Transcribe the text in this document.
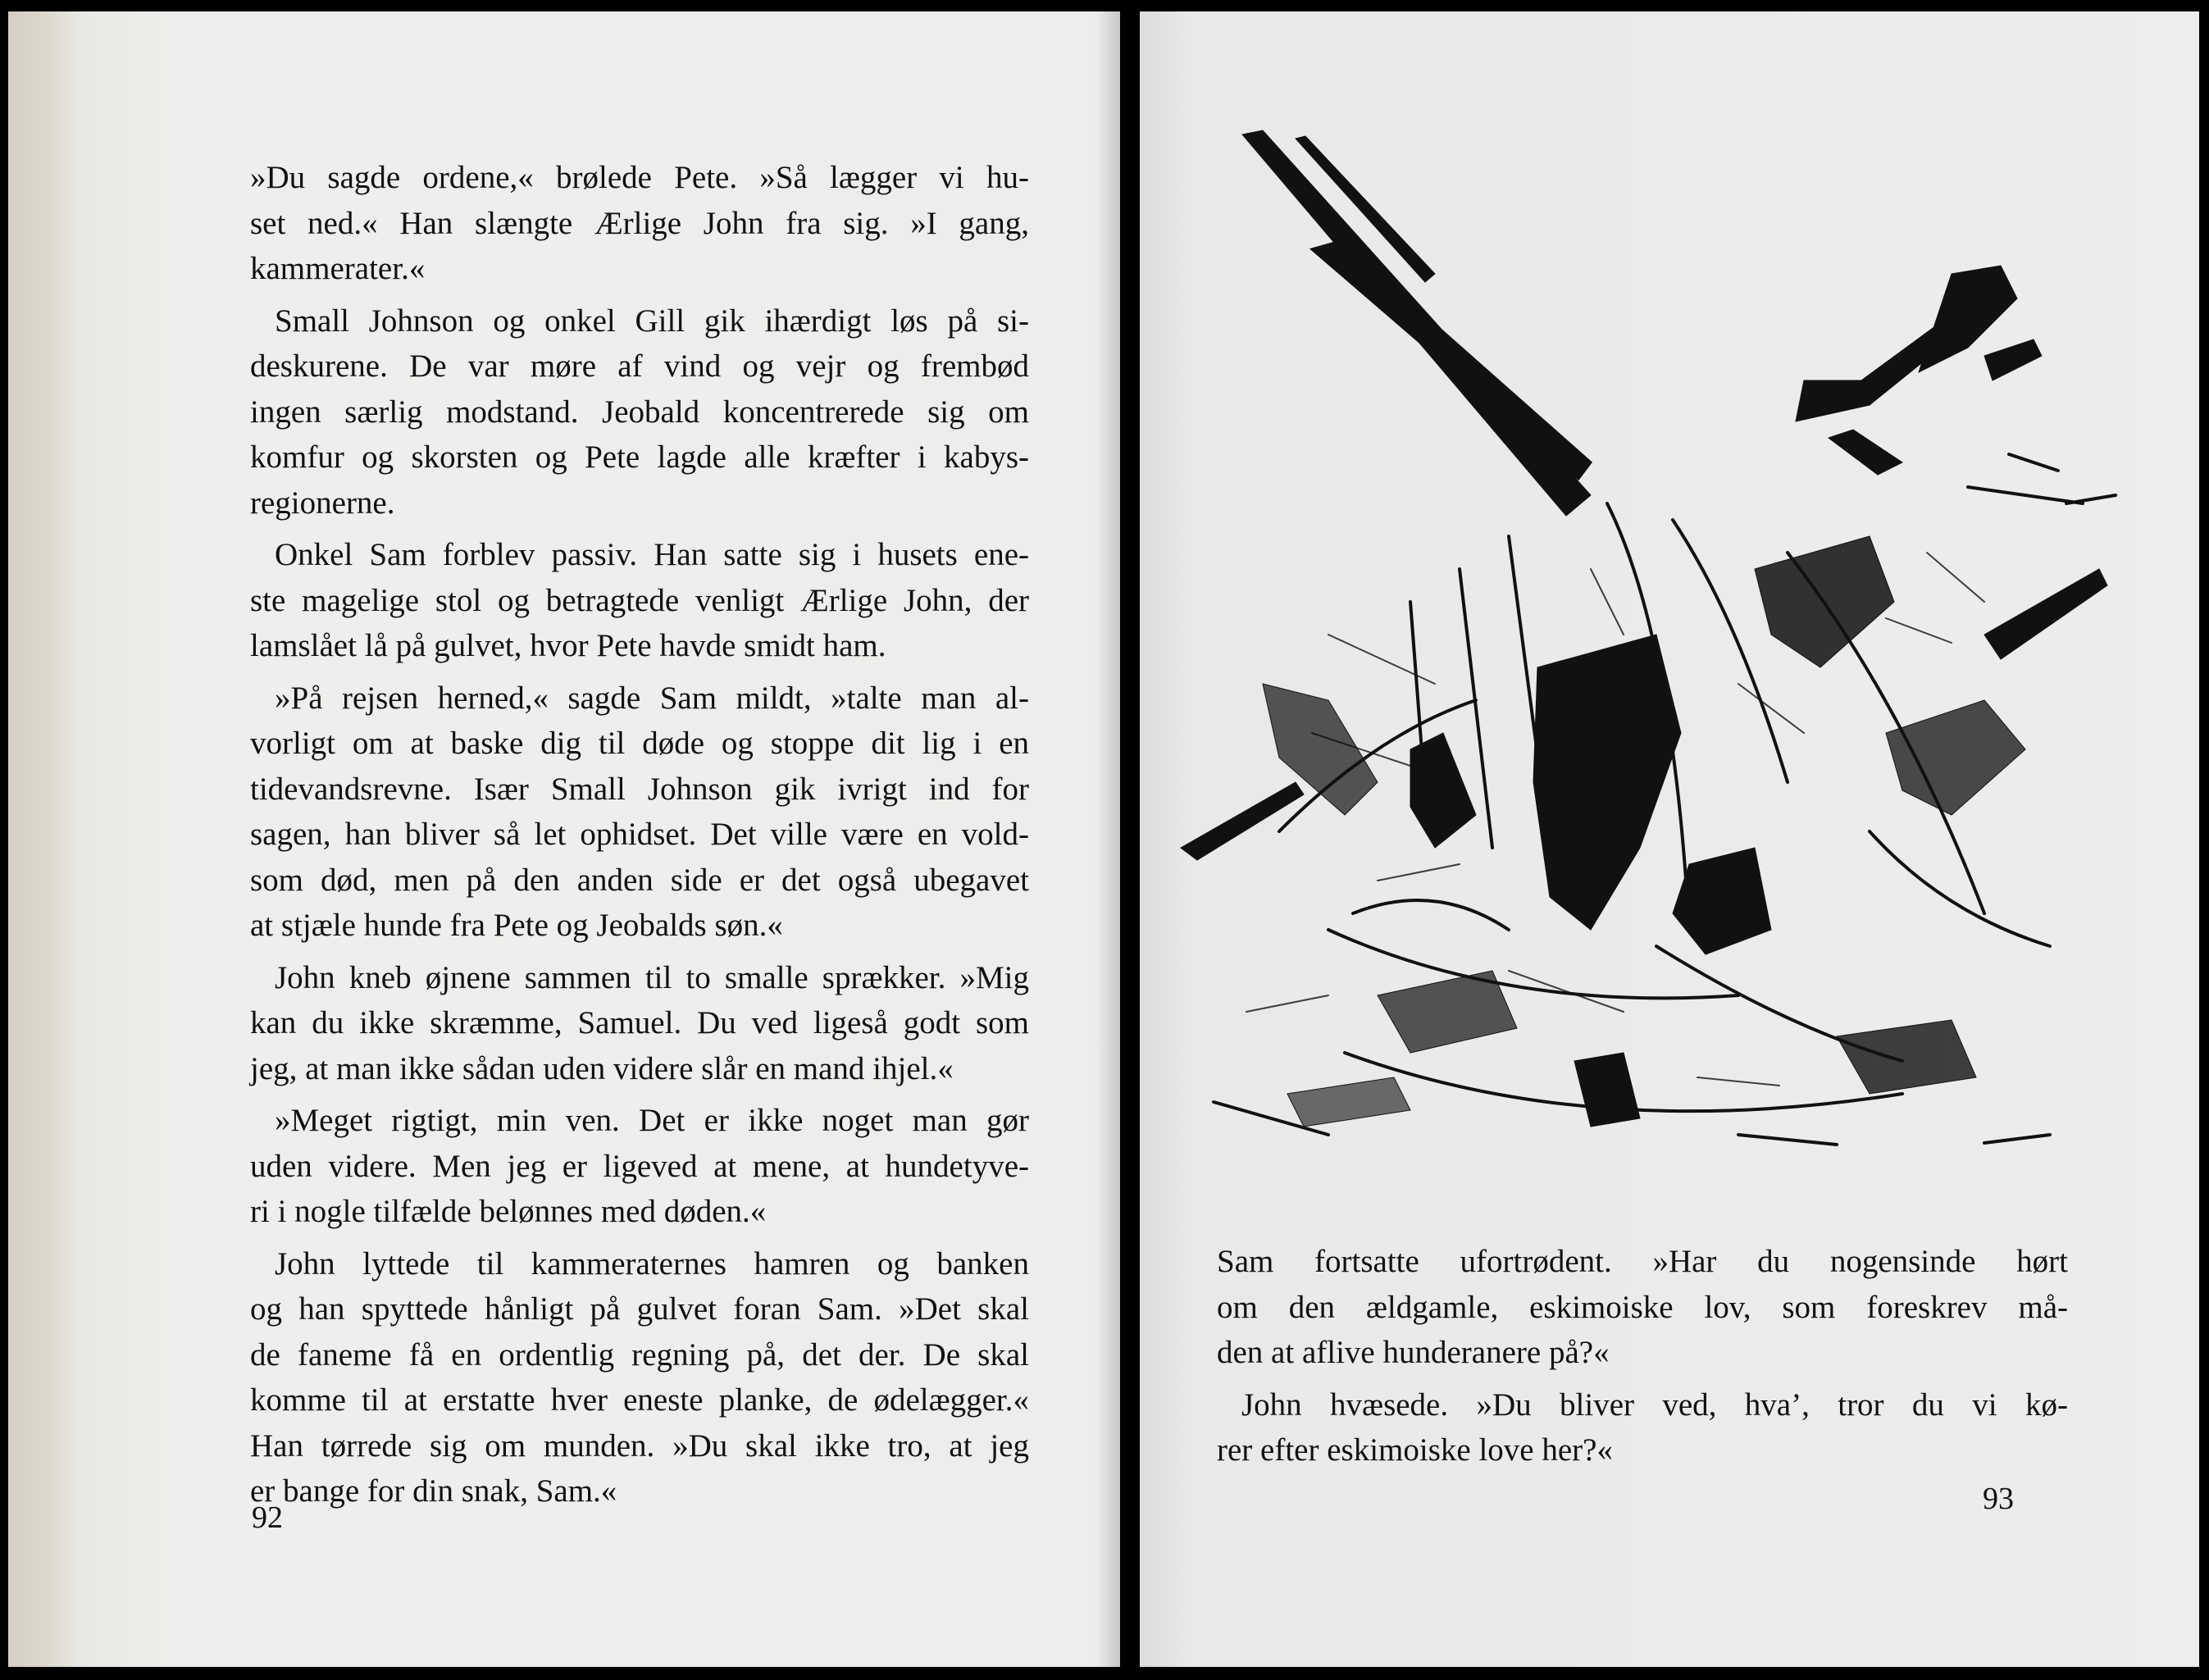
»Du sagde ordene,« brølede Pete. »Så lægger vi hu-
set ned.« Han slængte Ærlige John fra sig. »I gang,
kammerater.«
Small Johnson og onkel Gill gik ihærdigt løs på si-
deskurene. De var møre af vind og vejr og frembød
ingen særlig modstand. Jeobald koncentrerede sig om
komfur og skorsten og Pete lagde alle kræfter i kabys-
regionerne.
Onkel Sam forblev passiv. Han satte sig i husets ene-
ste magelige stol og betragtede venligt Ærlige John, der
lamslået lå på gulvet, hvor Pete havde smidt ham.
»På rejsen herned,« sagde Sam mildt, »talte man al-
vorligt om at baske dig til døde og stoppe dit lig i en
tidevandsrevne. Især Small Johnson gik ivrigt ind for
sagen, han bliver så let ophidset. Det ville være en vold-
som død, men på den anden side er det også ubegavet
at stjæle hunde fra Pete og Jeobalds søn.«
John kneb øjnene sammen til to smalle sprækker. »Mig
kan du ikke skræmme, Samuel. Du ved ligeså godt som
jeg, at man ikke sådan uden videre slår en mand ihjel.«
»Meget rigtigt, min ven. Det er ikke noget man gør
uden videre. Men jeg er ligeved at mene, at hundetyve-
ri i nogle tilfælde belønnes med døden.«
John lyttede til kammeraternes hamren og banken
og han spyttede hånligt på gulvet foran Sam. »Det skal
de faneme få en ordentlig regning på, det der. De skal
komme til at erstatte hver eneste planke, de ødelægger.«
Han tørrede sig om munden. »Du skal ikke tro, at jeg
er bange for din snak, Sam.«
92
Sam fortsatte ufortrødent. »Har du nogensinde hørt
om den ældgamle, eskimoiske lov, som foreskrev må-
den at aflive hunderanere på?«
John hvæsede. »Du bliver ved, hva’, tror du vi kø-
rer efter eskimoiske love her?«
93
